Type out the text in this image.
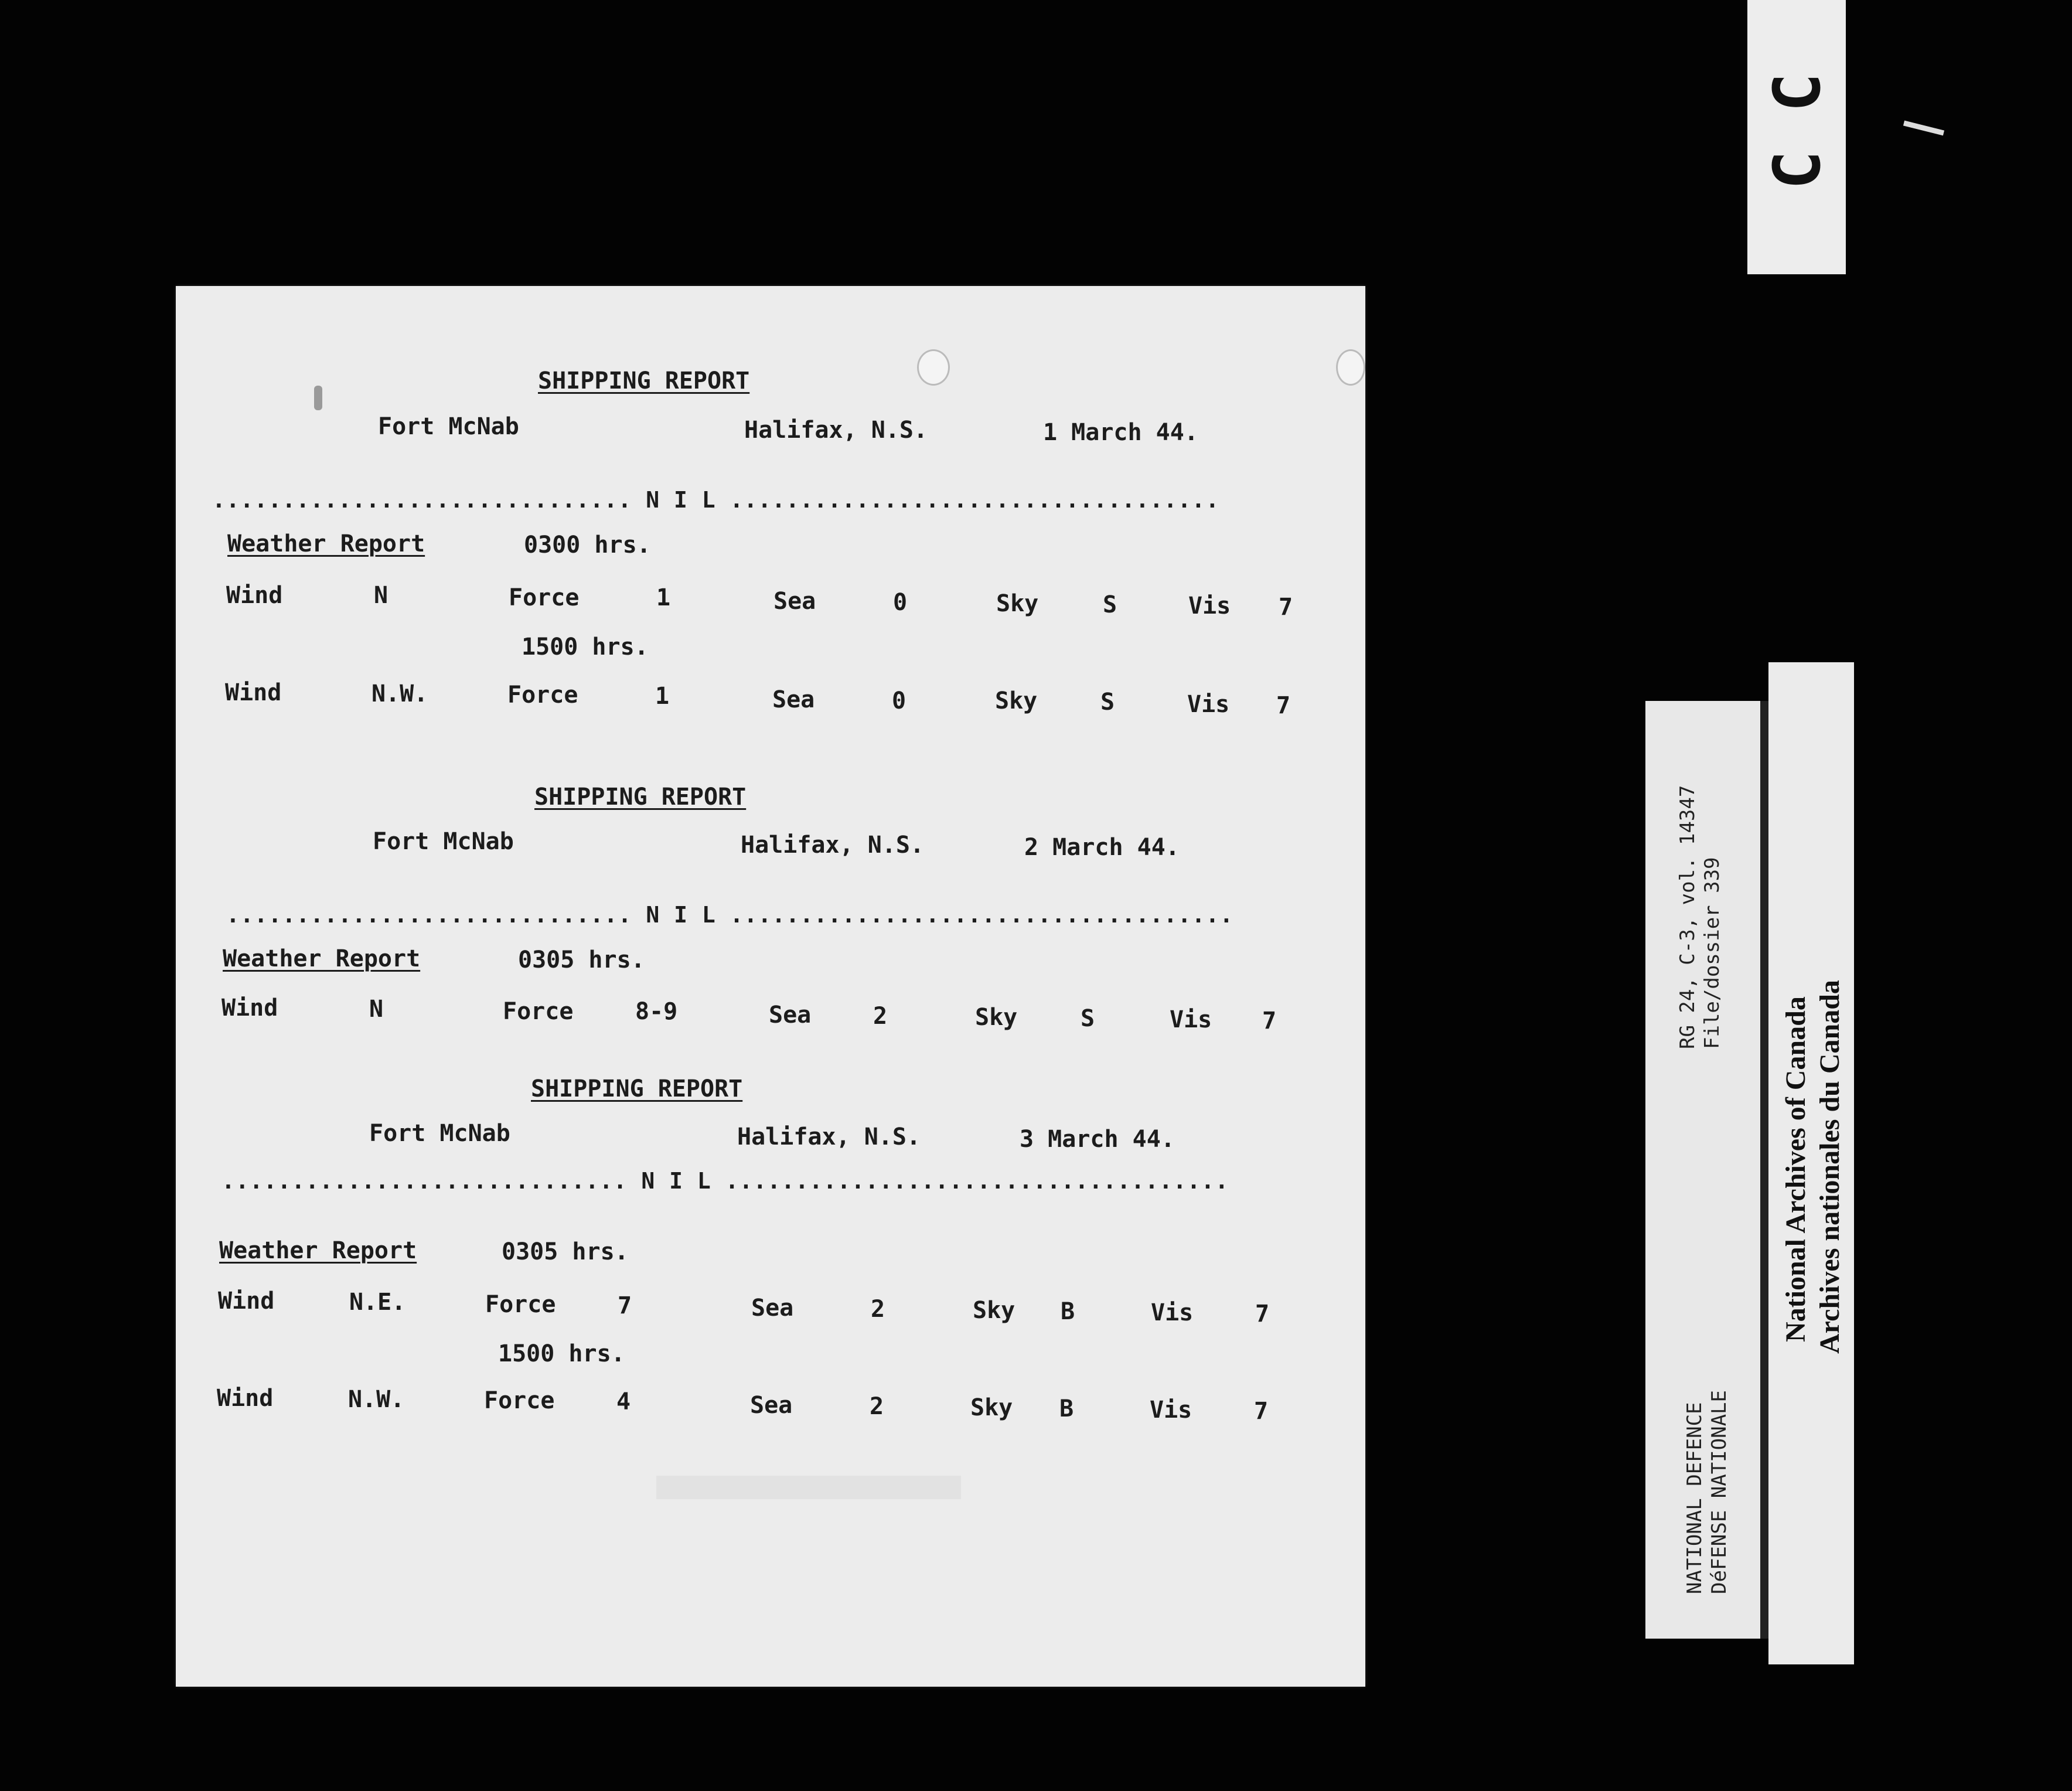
C C
SHIPPING REPORT
Fort McNab	Halifax, N.S.	1 March 44.
.............................. N I L ...................................
Weather Report	0300 hrs.
Wind	N	Force	1	Sea	0	Sky	S	Vis 7
1500 hrs.
Wind	N.W.	Force	1	Sea	0	Sky	S	Vis 7
SHIPPING REPORT
Fort McNab	Halifax, N.S.	2 March 44.
............................. N I L ....................................
Weather Report	0305 hrs.
Wind	N	Force	8-9	Sea	2	Sky	S	Vis 7
SHIPPING REPORT
Fort McNab	Halifax, N.S.	3 March 44.
............................. N I L ....................................
Weather Report	0305 hrs.
Wind	N.E.	Force	7	Sea	2	Sky B	Vis	7
1500 hrs.
Wind	N.W.	Force	4	Sea	2	Sky B	Vis	7
RG 24, C-3, vol. 14347 File/dossier 339
NATIONAL DEFENCE DéFENSE NATIONALE
National Archives of Canada Archives nationales du Canada
